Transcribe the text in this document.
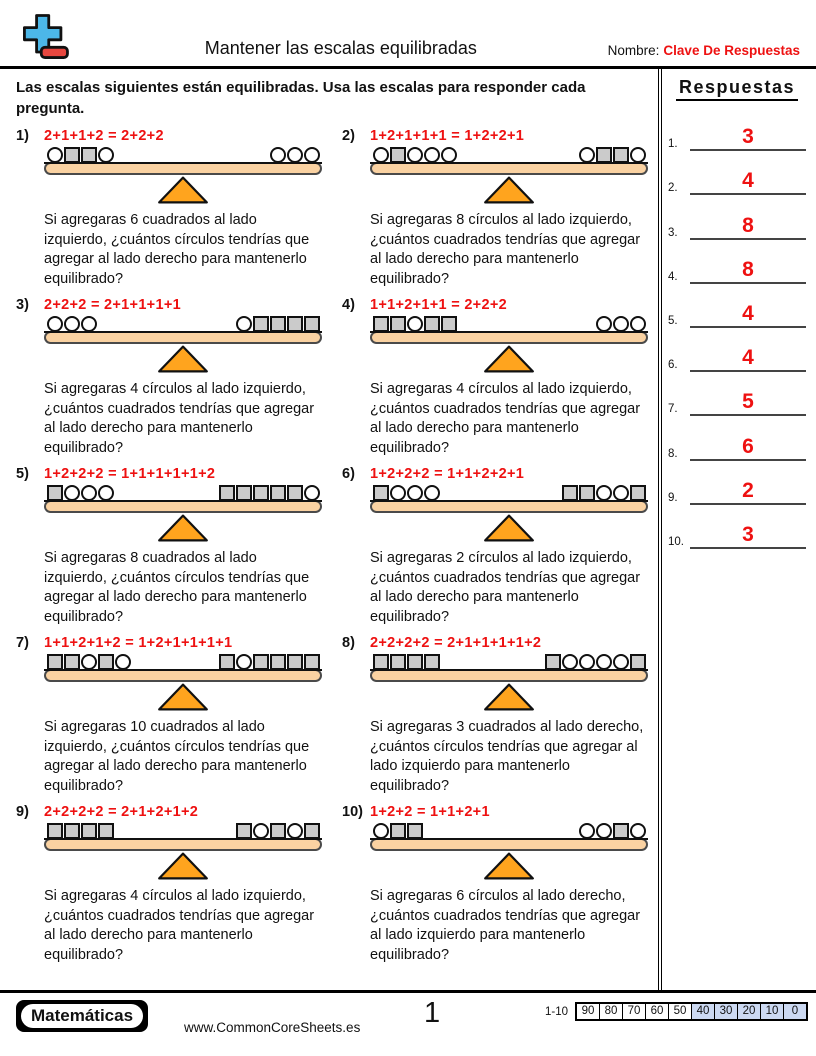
Mantener las escalas equilibradas	Nombre: Clave De Respuestas

Las escalas siguientes están equilibradas. Usa las escalas para responder cada pregunta.

1)	2+1+1+2 = 2+2+2
Si agregaras 6 cuadrados al lado izquierdo, ¿cuántos círculos tendrías que agregar al lado derecho para mantenerlo equilibrado?
2)	1+2+1+1+1 = 1+2+2+1
Si agregaras 8 círculos al lado izquierdo, ¿cuántos cuadrados tendrías que agregar al lado derecho para mantenerlo equilibrado?
3)	2+2+2 = 2+1+1+1+1
Si agregaras 4 círculos al lado izquierdo, ¿cuántos cuadrados tendrías que agregar al lado derecho para mantenerlo equilibrado?
4)	1+1+2+1+1 = 2+2+2
Si agregaras 4 círculos al lado izquierdo, ¿cuántos cuadrados tendrías que agregar al lado derecho para mantenerlo equilibrado?
5)	1+2+2+2 = 1+1+1+1+1+2
Si agregaras 8 cuadrados al lado izquierdo, ¿cuántos círculos tendrías que agregar al lado derecho para mantenerlo equilibrado?
6)	1+2+2+2 = 1+1+2+2+1
Si agregaras 2 círculos al lado izquierdo, ¿cuántos cuadrados tendrías que agregar al lado derecho para mantenerlo equilibrado?
7)	1+1+2+1+2 = 1+2+1+1+1+1
Si agregaras 10 cuadrados al lado izquierdo, ¿cuántos círculos tendrías que agregar al lado derecho para mantenerlo equilibrado?
8)	2+2+2+2 = 2+1+1+1+1+2
Si agregaras 3 cuadrados al lado derecho, ¿cuántos círculos tendrías que agregar al lado izquierdo para mantenerlo equilibrado?
9)	2+2+2+2 = 2+1+2+1+2
Si agregaras 4 círculos al lado izquierdo, ¿cuántos cuadrados tendrías que agregar al lado derecho para mantenerlo equilibrado?
10) 1+2+2 = 1+1+2+1
Si agregaras 6 círculos al lado derecho, ¿cuántos cuadrados tendrías que agregar al lado izquierdo para mantenerlo equilibrado?
Respuestas
1.	3
2.	4
3.	8
4.	8
5.	4
6.	4
7.	5
8.	6
9.	2
10.	3
Matemáticas
www.CommonCoreSheets.es 1	1-10	90 80 70 60 50 40 30 20 10	0
